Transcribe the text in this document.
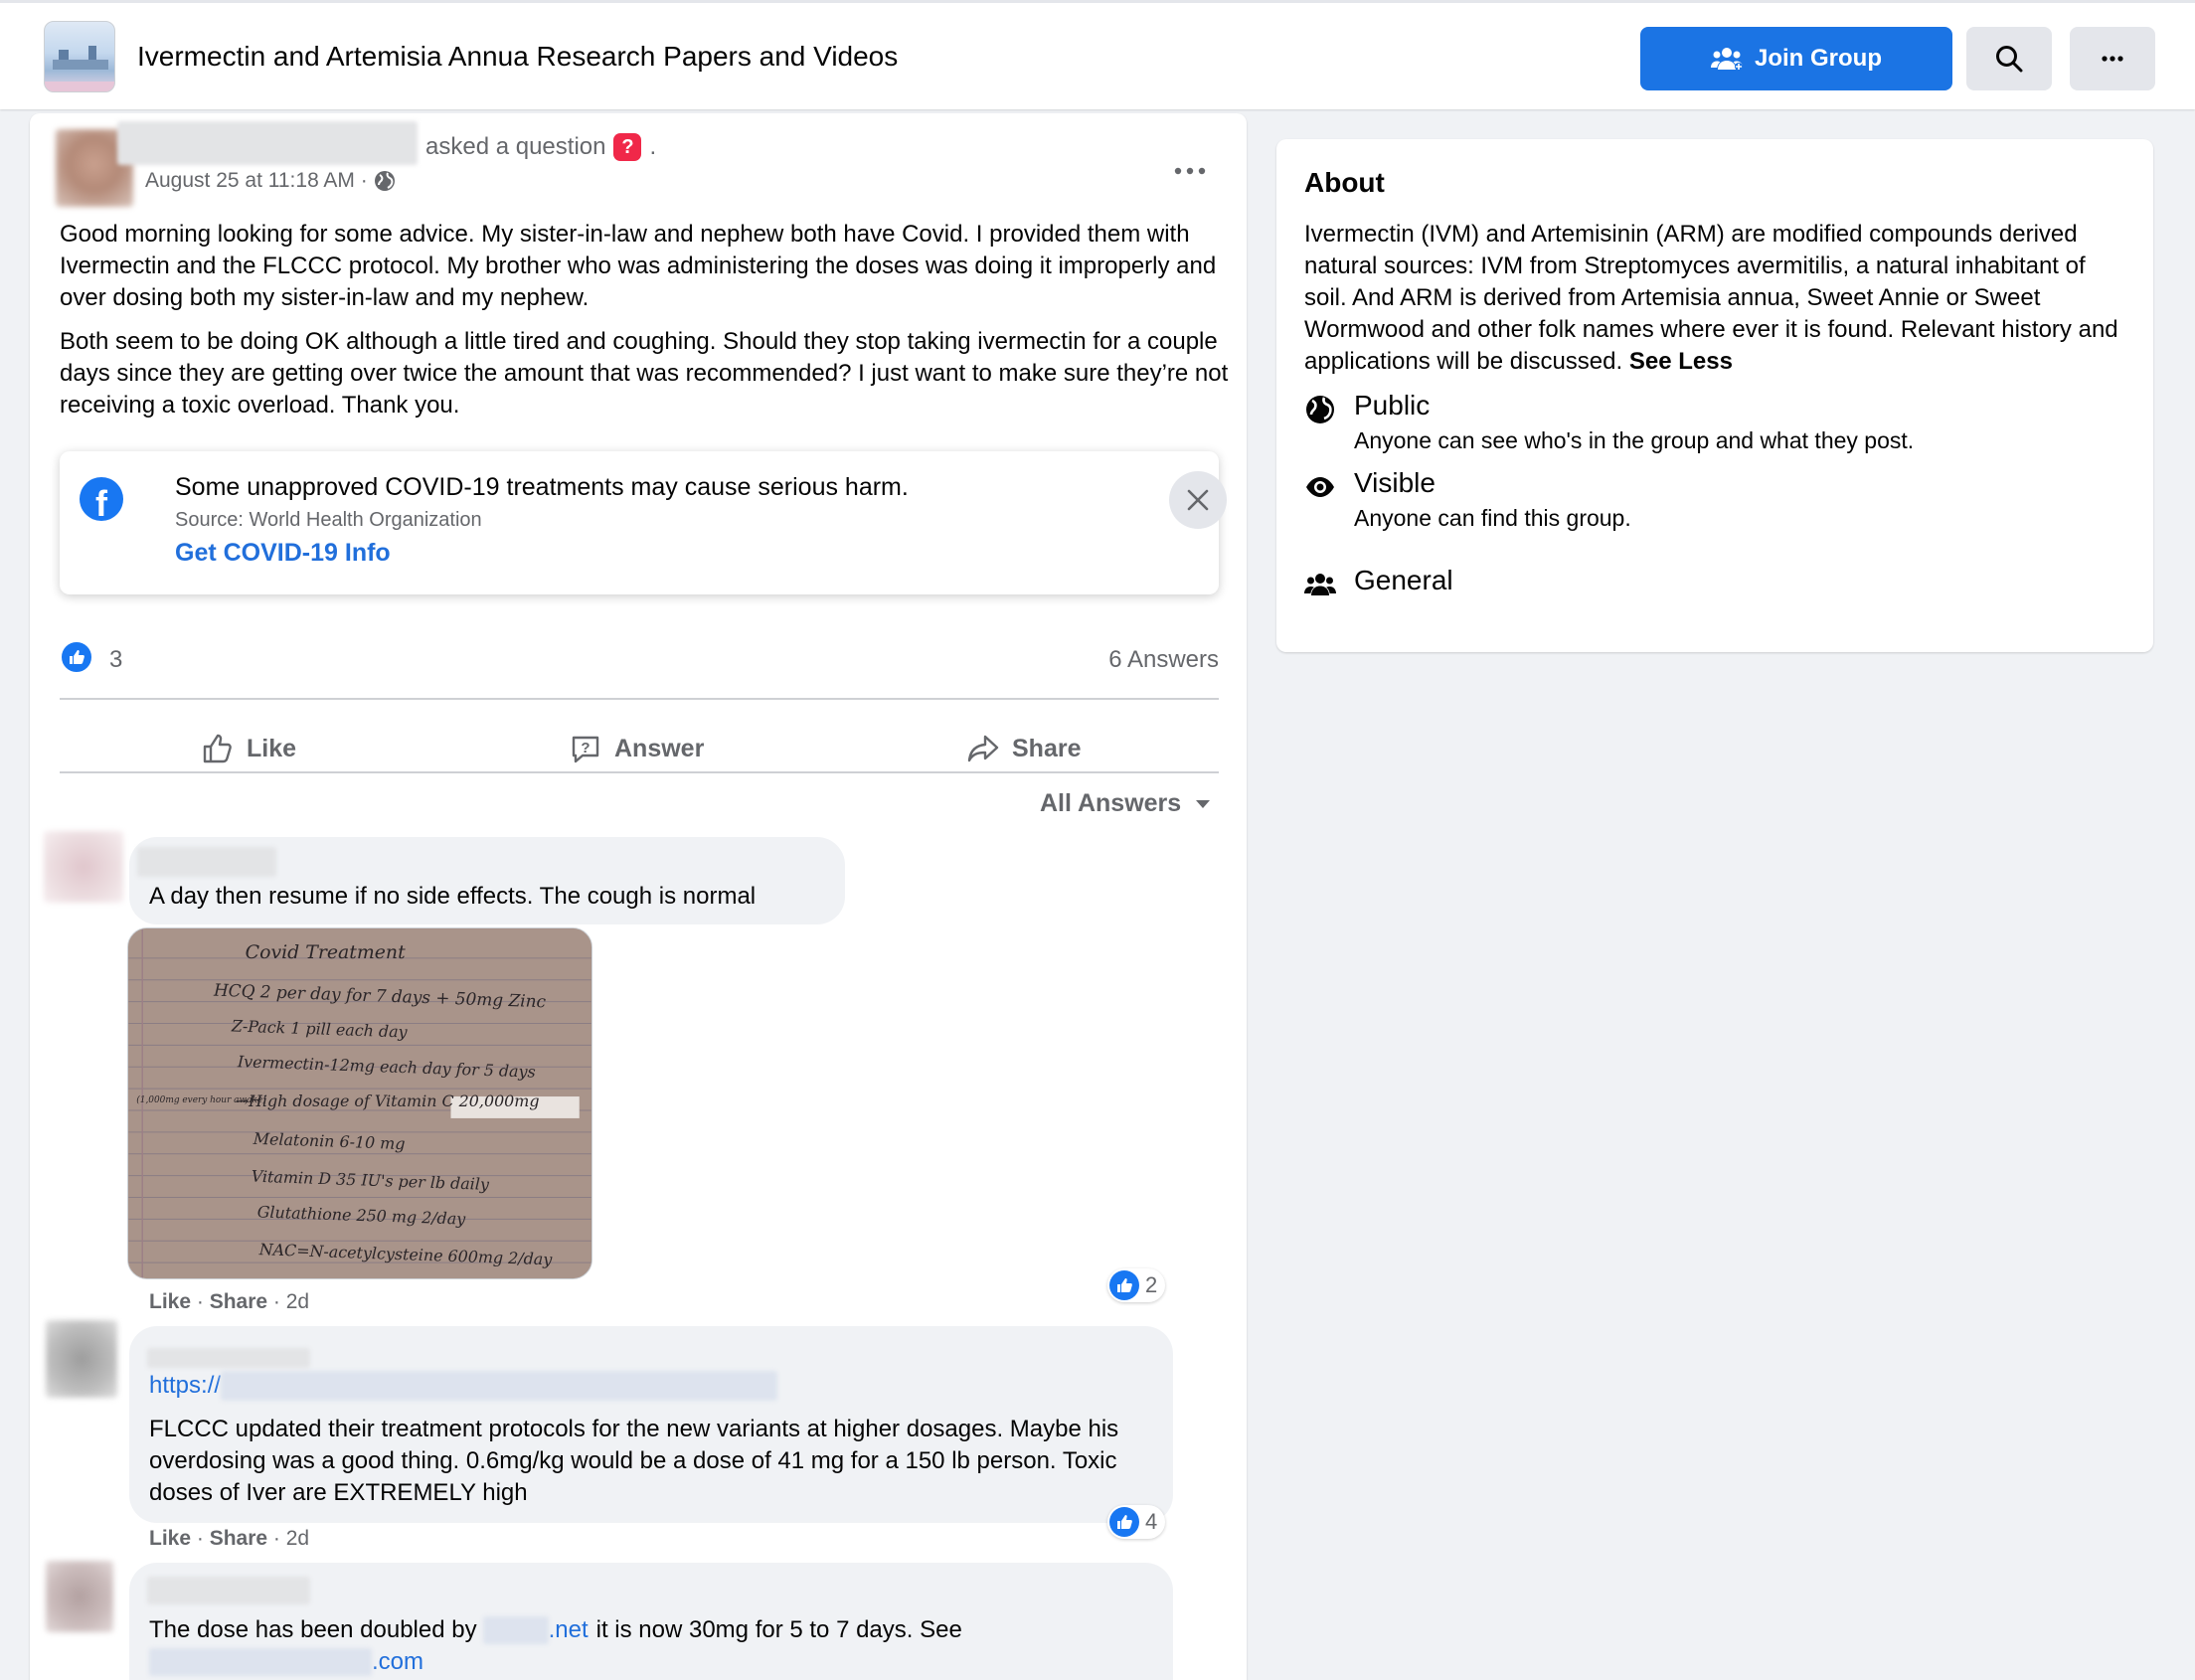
Ivermectin and Artemisia Annua Research Papers and Videos	Join Group
asked a question ? .
August 25 at 11:18 AM ·

Good morning looking for some advice. My sister-in-law and nephew both have Covid. I provided them with Ivermectin and the FLCCC protocol. My brother who was administering the doses was doing it improperly and over dosing both my sister-in-law and my nephew.

Both seem to be doing OK although a little tired and coughing. Should they stop taking ivermectin for a couple days since they are getting over twice the amount that was recommended? I just want to make sure they’re not receiving a toxic overload. Thank you.

f	Some unapproved COVID-19 treatments may cause serious harm.
Source: World Health Organization
Get COVID-19 Info
3	6 Answers
Like	? Answer	Share
All Answers
A day then resume if no side effects. The cough is normal
Covid Treatment
HCQ 2 per day for 7 days + 50mg Zinc
Z-Pack 1 pill each day
Ivermectin-12mg each day for 5 days
(1,000mg every hour awake)
→High dosage of Vitamin C 20,000mg
Melatonin 6-10 mg
Vitamin D 35 IU's per lb daily
Glutathione 250 mg 2/day
NAC=N-acetylcysteine 600mg 2/day
Like · Share · 2d
2
https://
FLCCC updated their treatment protocols for the new variants at higher dosages. Maybe his overdosing was a good thing. 0.6mg/kg would be a dose of 41 mg for a 150 lb person. Toxic doses of Iver are EXTREMELY high
Like · Share · 2d
4
The dose has been doubled by	.net it is now 30mg for 5 to 7 days. See
.com
About
Ivermectin (IVM) and Artemisinin (ARM) are modified compounds derived natural sources: IVM from Streptomyces avermitilis, a natural inhabitant of soil. And ARM is derived from Artemisia annua, Sweet Annie or Sweet Wormwood and other folk names where ever it is found. Relevant history and applications will be discussed. See Less
Public
Anyone can see who's in the group and what they post.
Visible
Anyone can find this group.
General
